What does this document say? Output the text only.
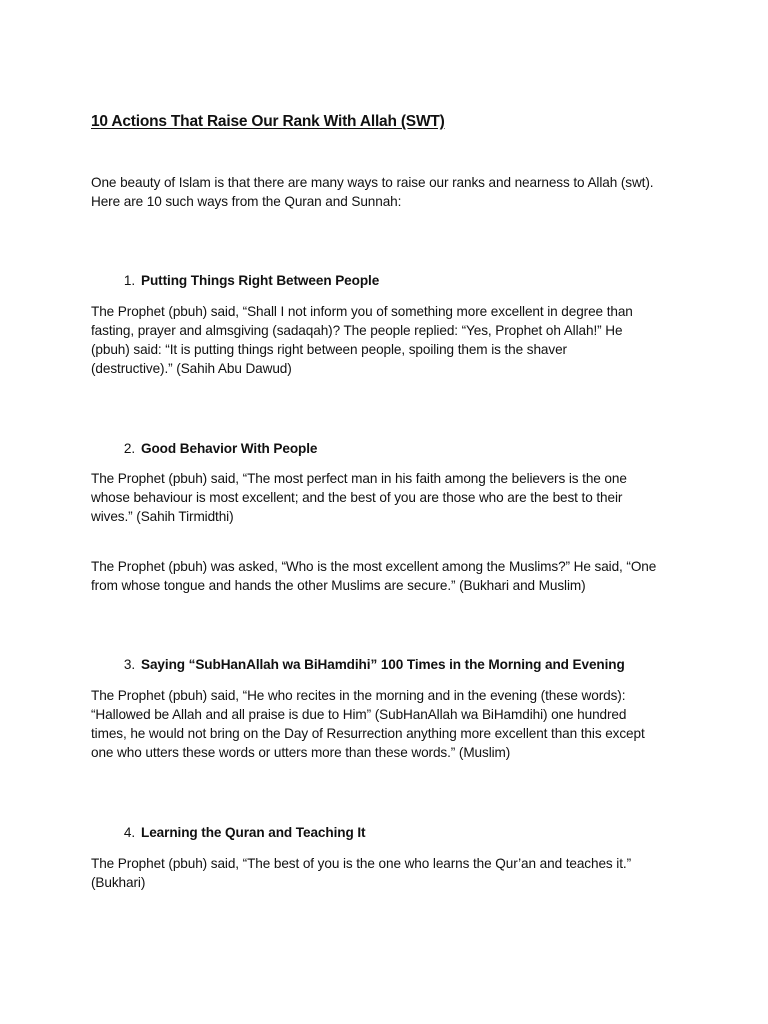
10 Actions That Raise Our Rank With Allah (SWT)
One beauty of Islam is that there are many ways to raise our ranks and nearness to Allah (swt).
Here are 10 such ways from the Quran and Sunnah:
1. Putting Things Right Between People
The Prophet (pbuh) said, “Shall I not inform you of something more excellent in degree than
fasting, prayer and almsgiving (sadaqah)? The people replied: “Yes, Prophet oh Allah!” He
(pbuh) said: “It is putting things right between people, spoiling them is the shaver
(destructive).” (Sahih Abu Dawud)
2. Good Behavior With People
The Prophet (pbuh) said, “The most perfect man in his faith among the believers is the one
whose behaviour is most excellent; and the best of you are those who are the best to their
wives.” (Sahih Tirmidthi)
The Prophet (pbuh) was asked, “Who is the most excellent among the Muslims?” He said, “One
from whose tongue and hands the other Muslims are secure.” (Bukhari and Muslim)
3. Saying “SubHanAllah wa BiHamdihi” 100 Times in the Morning and Evening
The Prophet (pbuh) said, “He who recites in the morning and in the evening (these words):
“Hallowed be Allah and all praise is due to Him” (SubHanAllah wa BiHamdihi) one hundred
times, he would not bring on the Day of Resurrection anything more excellent than this except
one who utters these words or utters more than these words.” (Muslim)
4. Learning the Quran and Teaching It
The Prophet (pbuh) said, “The best of you is the one who learns the Qur’an and teaches it.”
(Bukhari)
